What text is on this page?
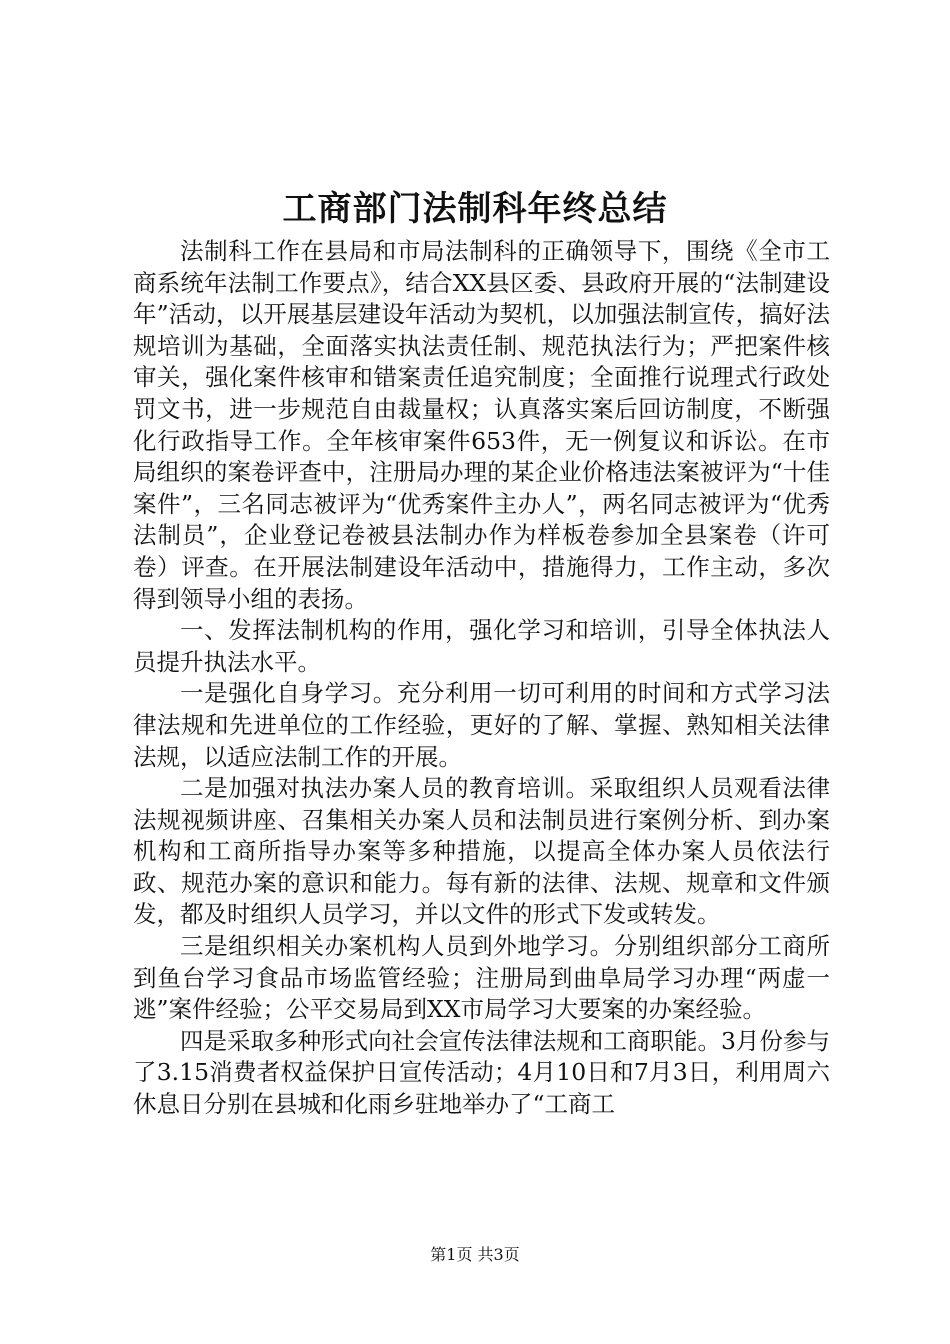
工商部门法制科年终总结

法制科工作在县局和市局法制科的正确领导下，围绕《全市工商系统年法制工作要点》，结合XX县区委、县政府开展的“法制建设年”活动，以开展基层建设年活动为契机，以加强法制宣传，搞好法规培训为基础，全面落实执法责任制、规范执法行为；严把案件核审关，强化案件核审和错案责任追究制度；全面推行说理式行政处罚文书，进一步规范自由裁量权；认真落实案后回访制度，不断强化行政指导工作。全年核审案件653件，无一例复议和诉讼。在市局组织的案卷评查中，注册局办理的某企业价格违法案被评为“十佳案件”，三名同志被评为“优秀案件主办人”，两名同志被评为“优秀法制员”，企业登记卷被县法制办作为样板卷参加全县案卷（许可卷）评查。在开展法制建设年活动中，措施得力，工作主动，多次得到领导小组的表扬。

一、发挥法制机构的作用，强化学习和培训，引导全体执法人员提升执法水平。

一是强化自身学习。充分利用一切可利用的时间和方式学习法律法规和先进单位的工作经验，更好的了解、掌握、熟知相关法律法规，以适应法制工作的开展。

二是加强对执法办案人员的教育培训。采取组织人员观看法律法规视频讲座、召集相关办案人员和法制员进行案例分析、到办案机构和工商所指导办案等多种措施，以提高全体办案人员依法行政、规范办案的意识和能力。每有新的法律、法规、规章和文件颁发，都及时组织人员学习，并以文件的形式下发或转发。

三是组织相关办案机构人员到外地学习。分别组织部分工商所到鱼台学习食品市场监管经验；注册局到曲阜局学习办理“两虚一逃”案件经验；公平交易局到XX市局学习大要案的办案经验。

四是采取多种形式向社会宣传法律法规和工商职能。3月份参与了3.15消费者权益保护日宣传活动；4月10日和7月3日，利用周六休息日分别在县城和化雨乡驻地举办了“工商工

第1页 共3页
